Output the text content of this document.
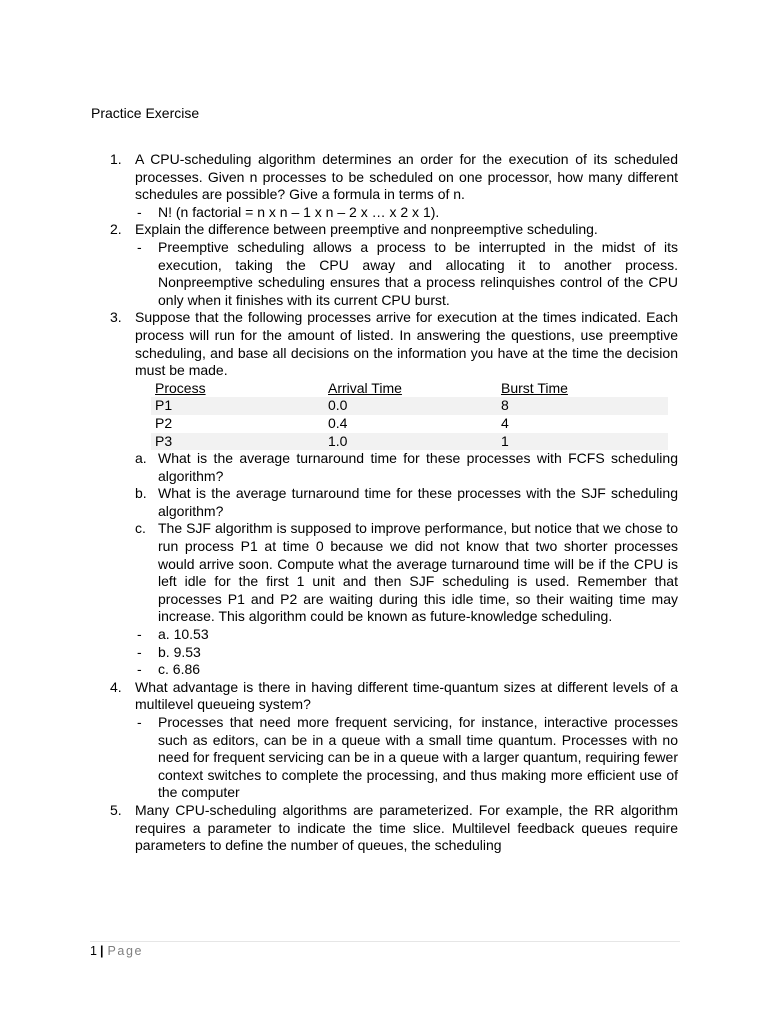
Practice Exercise
1. A CPU-scheduling algorithm determines an order for the execution of its scheduled processes. Given n processes to be scheduled on one processor, how many different schedules are possible? Give a formula in terms of n.
- N! (n factorial = n x n – 1 x n – 2 x … x 2 x 1).
2. Explain the difference between preemptive and nonpreemptive scheduling.
- Preemptive scheduling allows a process to be interrupted in the midst of its execution, taking the CPU away and allocating it to another process. Nonpreemptive scheduling ensures that a process relinquishes control of the CPU only when it finishes with its current CPU burst.
3. Suppose that the following processes arrive for execution at the times indicated. Each process will run for the amount of listed. In answering the questions, use preemptive scheduling, and base all decisions on the information you have at the time the decision must be made.
Process	Arrival Time	Burst Time
P1	0.0	8
P2	0.4	4
P3	1.0	1
a. What is the average turnaround time for these processes with FCFS scheduling algorithm?
b. What is the average turnaround time for these processes with the SJF scheduling algorithm?
c. The SJF algorithm is supposed to improve performance, but notice that we chose to run process P1 at time 0 because we did not know that two shorter processes would arrive soon. Compute what the average turnaround time will be if the CPU is left idle for the first 1 unit and then SJF scheduling is used. Remember that processes P1 and P2 are waiting during this idle time, so their waiting time may increase. This algorithm could be known as future-knowledge scheduling.
- a. 10.53
- b. 9.53
- c. 6.86
4. What advantage is there in having different time-quantum sizes at different levels of a multilevel queueing system?
- Processes that need more frequent servicing, for instance, interactive processes such as editors, can be in a queue with a small time quantum. Processes with no need for frequent servicing can be in a queue with a larger quantum, requiring fewer context switches to complete the processing, and thus making more efficient use of the computer
5. Many CPU-scheduling algorithms are parameterized. For example, the RR algorithm requires a parameter to indicate the time slice. Multilevel feedback queues require parameters to define the number of queues, the scheduling
1 | Page
